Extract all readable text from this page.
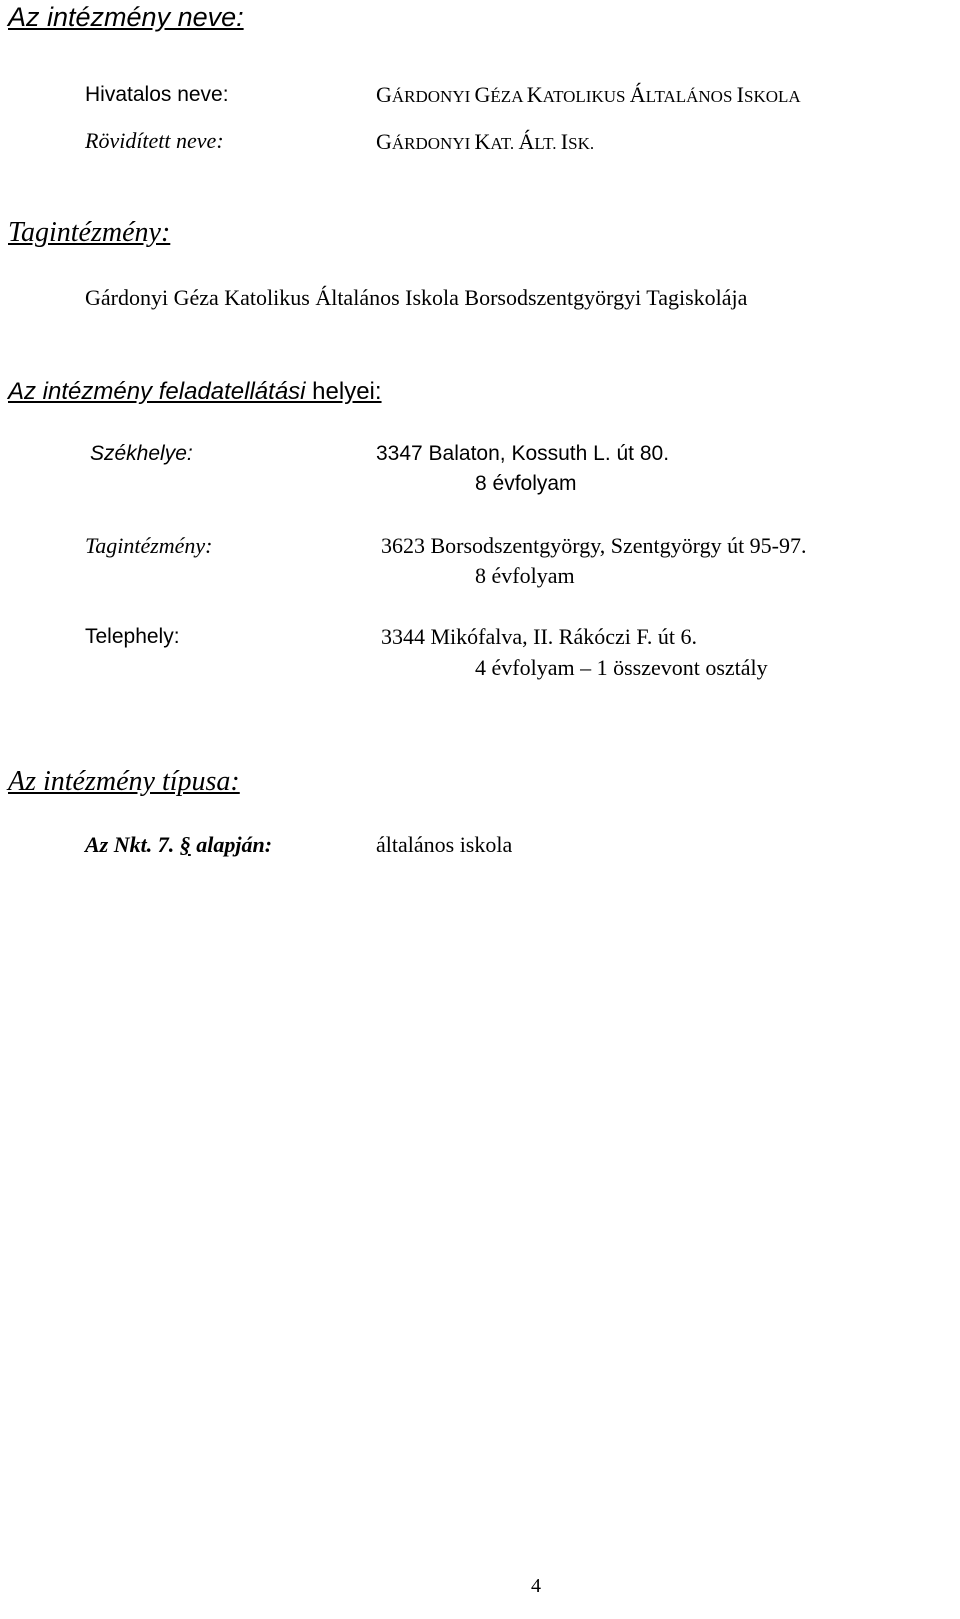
Az intézmény neve:
Hivatalos neve:	GÁRDONYI GÉZA KATOLIKUS ÁLTALÁNOS ISKOLA
Rövidített neve:	GÁRDONYI KAT. ÁLT. ISK.
Tagintézmény:
Gárdonyi Géza Katolikus Általános Iskola Borsodszentgyörgyi Tagiskolája
Az intézmény feladatellátási helyei:
Székhelye:	3347 Balaton, Kossuth L. út 80.
8 évfolyam
Tagintézmény:	3623 Borsodszentgyörgy, Szentgyörgy út 95-97.
8 évfolyam
Telephely:	3344 Mikófalva, II. Rákóczi F. út 6.
4 évfolyam – 1 összevont osztály
Az intézmény típusa:
Az Nkt. 7. § alapján:	általános iskola
4
